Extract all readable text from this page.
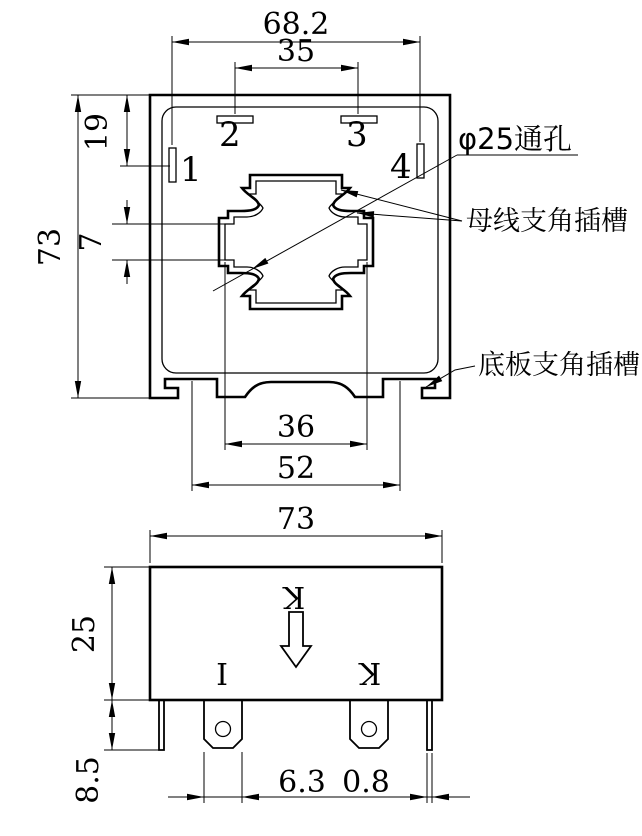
1
2	3
4
68.2
35
73
19
7
36
52
φ25通孔
母线支角插槽
底板支角插槽
K
I	K
73
25
8.5	6.3 0.8
